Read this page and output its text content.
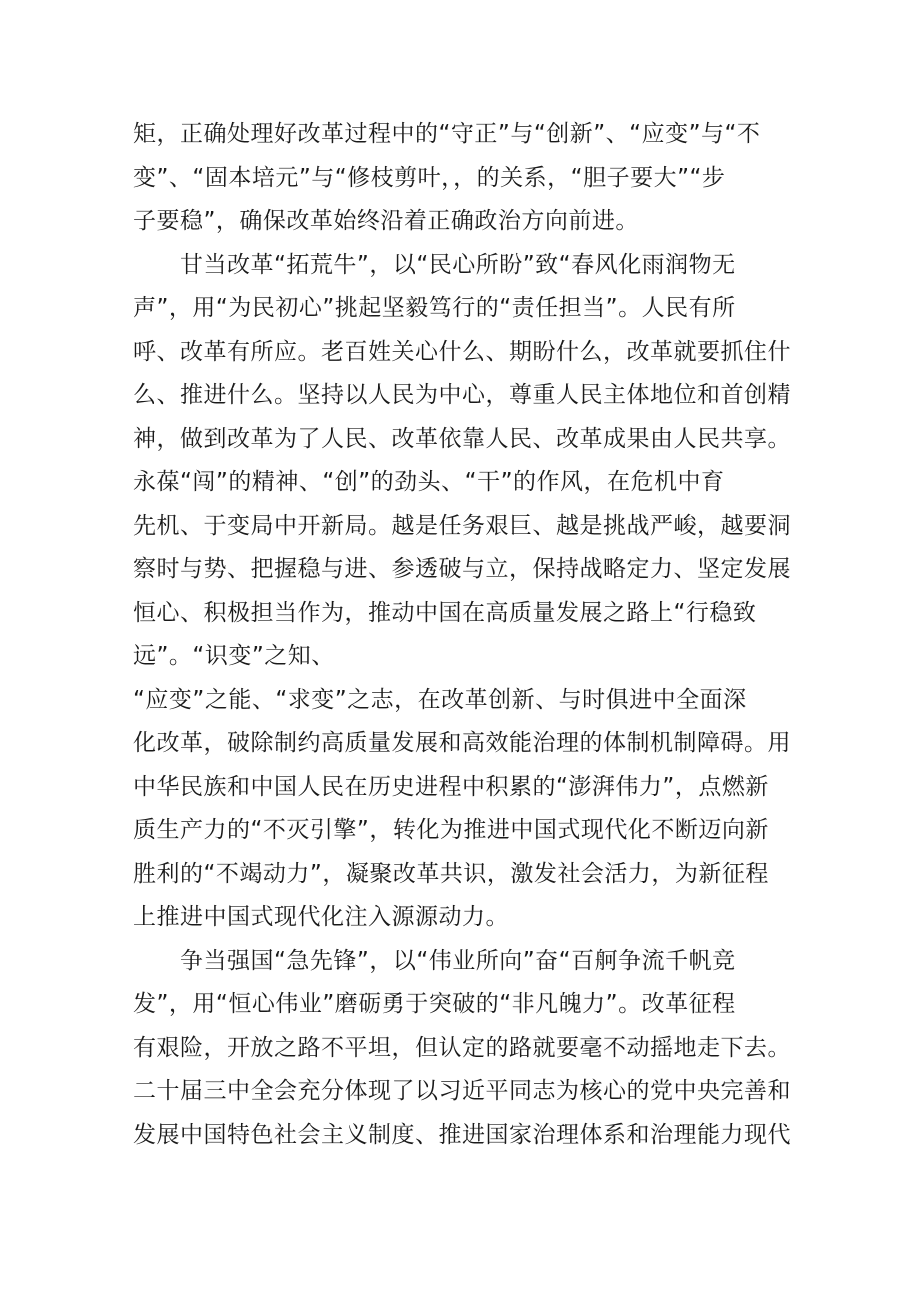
矩，正确处理好改革过程中的“守正”与“创新”、“应变”与“不
变”、“固本培元”与“修枝剪叶，，的关系，“胆子要大”“步
子要稳”，确保改革始终沿着正确政治方向前进。
甘当改革“拓荒牛”，以“民心所盼”致“春风化雨润物无
声”，用“为民初心”挑起坚毅笃行的“责任担当”。人民有所
呼、改革有所应。老百姓关心什么、期盼什么，改革就要抓住什
么、推进什么。坚持以人民为中心，尊重人民主体地位和首创精
神，做到改革为了人民、改革依靠人民、改革成果由人民共享。
永葆“闯”的精神、“创”的劲头、“干”的作风，在危机中育
先机、于变局中开新局。越是任务艰巨、越是挑战严峻，越要洞
察时与势、把握稳与进、参透破与立，保持战略定力、坚定发展
恒心、积极担当作为，推动中国在高质量发展之路上“行稳致
远”。“识变”之知、
“应变”之能、“求变”之志，在改革创新、与时俱进中全面深
化改革，破除制约高质量发展和高效能治理的体制机制障碍。用
中华民族和中国人民在历史进程中积累的“澎湃伟力”，点燃新
质生产力的“不灭引擎”，转化为推进中国式现代化不断迈向新
胜利的“不竭动力”，凝聚改革共识，激发社会活力，为新征程
上推进中国式现代化注入源源动力。
争当强国“急先锋”，以“伟业所向”奋“百舸争流千帆竞
发”，用“恒心伟业”磨砺勇于突破的“非凡魄力”。改革征程
有艰险，开放之路不平坦，但认定的路就要毫不动摇地走下去。
二十届三中全会充分体现了以习近平同志为核心的党中央完善和
发展中国特色社会主义制度、推进国家治理体系和治理能力现代
